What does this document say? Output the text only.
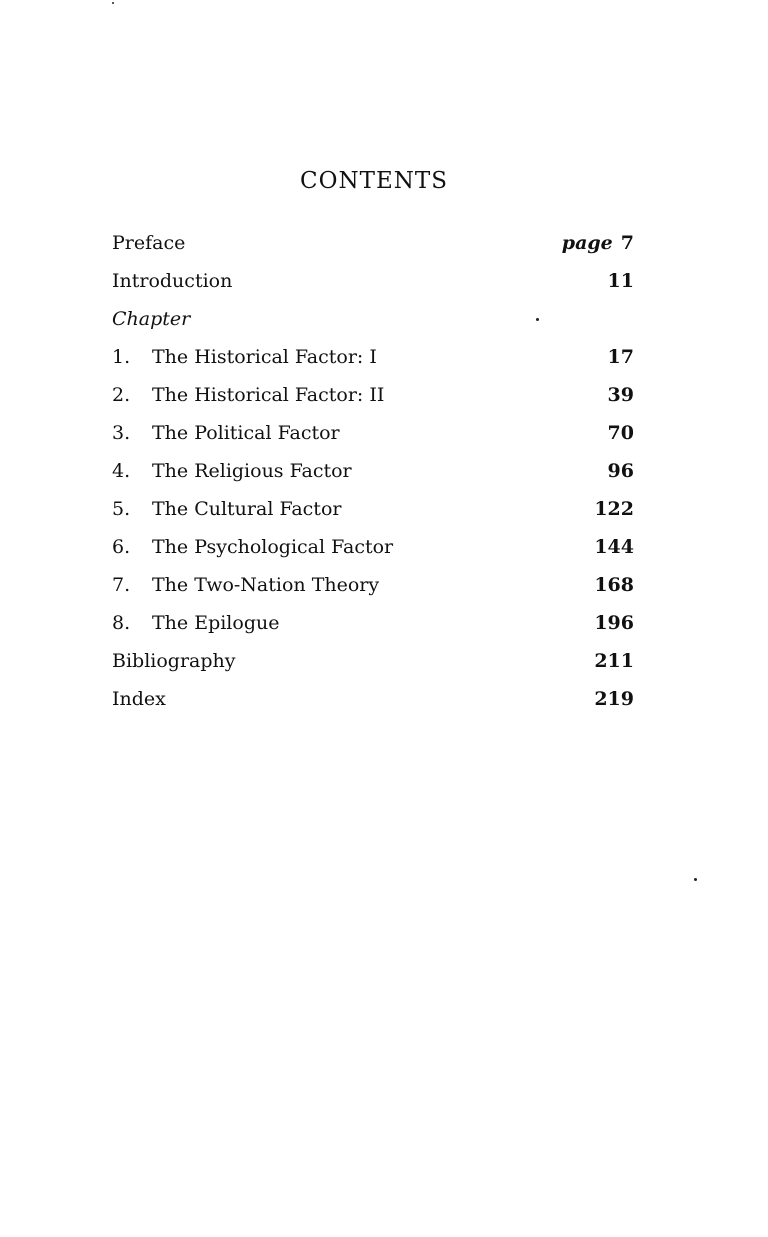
CONTENTS
Preface	page 7
Introduction	11
Chapter
1.	The Historical Factor: I	17
2.	The Historical Factor: II	39
3.	The Political Factor	70
4.	The Religious Factor	96
5.	The Cultural Factor	122
6.	The Psychological Factor	144
7.	The Two-Nation Theory	168
8.	The Epilogue	196
Bibliography	211
Index	219
